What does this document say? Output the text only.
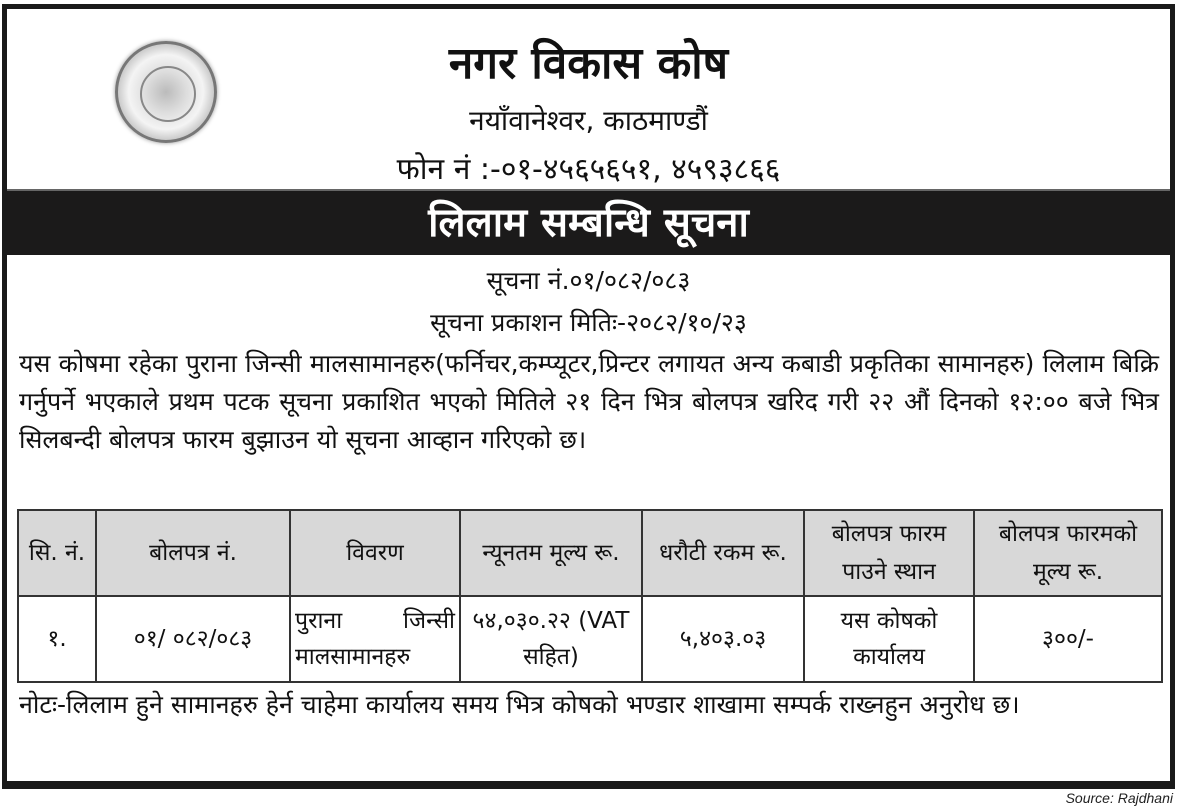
नगर विकास कोष
नयाँवानेश्वर, काठमाण्डौं
फोन नं :-०१-४५६५६५१, ४५९३८६६
लिलाम सम्बन्धि सूचना
सूचना नं.०१/०८२/०८३
सूचना प्रकाशन मितिः-२०८२/१०/२३
यस कोषमा रहेका पुराना जिन्सी मालसामानहरु(फर्निचर,कम्प्यूटर,प्रिन्टर लगायत अन्य कबाडी प्रकृतिका सामानहरु) लिलाम बिक्रि गर्नुपर्ने भएकाले प्रथम पटक सूचना प्रकाशित भएको मितिले २१ दिन भित्र बोलपत्र खरिद गरी २२ औं दिनको १२:०० बजे भित्र सिलबन्दी बोलपत्र फारम बुझाउन यो सूचना आव्हान गरिएको छ।
सि. नं.	बोलपत्र नं.	विवरण	न्यूनतम मूल्य रू.	धरौटी रकम रू.	बोलपत्र फारम पाउने स्थान	बोलपत्र फारमको मूल्य रू.
१.	०१/ ०८२/०८३	पुराना जिन्सी मालसामानहरु	५४,०३०.२२ (VAT सहित)	५,४०३.०३	यस कोषको कार्यालय	३००/-
नोटः-लिलाम हुने सामानहरु हेर्न चाहेमा कार्यालय समय भित्र कोषको भण्डार शाखामा सम्पर्क राख्नहुन अनुरोध छ।
Source: Rajdhani
